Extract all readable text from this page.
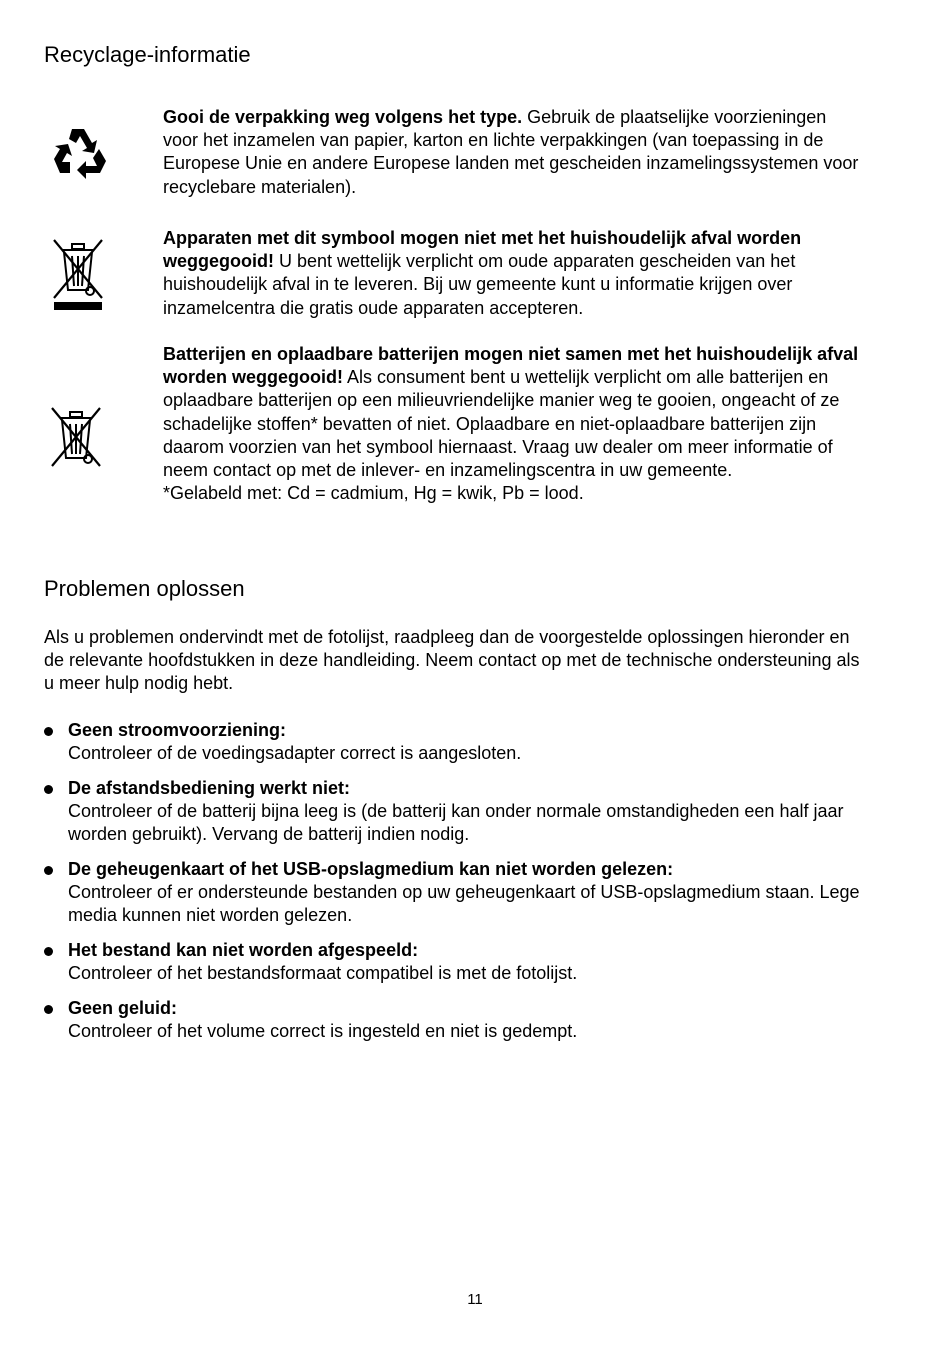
Recyclage-informatie
Gooi de verpakking weg volgens het type. Gebruik de plaatselijke voorzieningen voor het inzamelen van papier, karton en lichte verpakkingen (van toepassing in de Europese Unie en andere Europese landen met gescheiden inzamelingssystemen voor recyclebare materialen).
Apparaten met dit symbool mogen niet met het huishoudelijk afval worden weggegooid! U bent wettelijk verplicht om oude apparaten gescheiden van het huishoudelijk afval in te leveren. Bij uw gemeente kunt u informatie krijgen over inzamelcentra die gratis oude apparaten accepteren.
Batterijen en oplaadbare batterijen mogen niet samen met het huishoudelijk afval worden weggegooid! Als consument bent u wettelijk verplicht om alle batterijen en oplaadbare batterijen op een milieuvriendelijke manier weg te gooien, ongeacht of ze schadelijke stoffen* bevatten of niet. Oplaadbare en niet-oplaadbare batterijen zijn daarom voorzien van het symbool hiernaast. Vraag uw dealer om meer informatie of neem contact op met de inlever- en inzamelingscentra in uw gemeente.
*Gelabeld met: Cd = cadmium, Hg = kwik, Pb = lood.
Problemen oplossen
Als u problemen ondervindt met de fotolijst, raadpleeg dan de voorgestelde oplossingen hieronder en de relevante hoofdstukken in deze handleiding. Neem contact op met de technische ondersteuning als u meer hulp nodig hebt.
Geen stroomvoorziening:
Controleer of de voedingsadapter correct is aangesloten.
De afstandsbediening werkt niet:
Controleer of de batterij bijna leeg is (de batterij kan onder normale omstandigheden een half jaar worden gebruikt). Vervang de batterij indien nodig.
De geheugenkaart of het USB-opslagmedium kan niet worden gelezen:
Controleer of er ondersteunde bestanden op uw geheugenkaart of USB-opslagmedium staan. Lege media kunnen niet worden gelezen.
Het bestand kan niet worden afgespeeld:
Controleer of het bestandsformaat compatibel is met de fotolijst.
Geen geluid:
Controleer of het volume correct is ingesteld en niet is gedempt.
11
